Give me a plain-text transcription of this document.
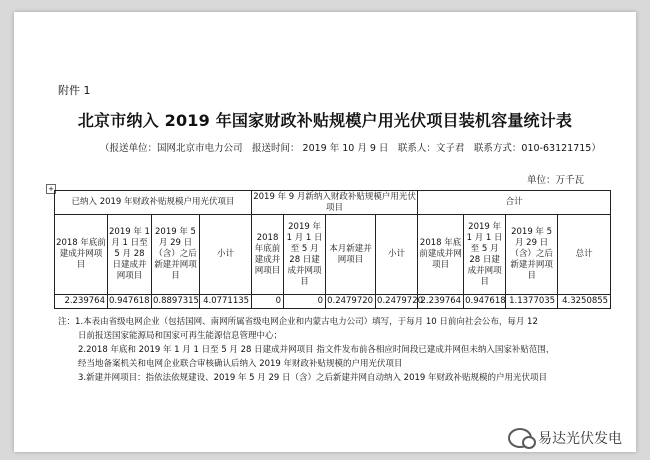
附件 1
北京市纳入 2019 年国家财政补贴规模户用光伏项目装机容量统计表
（报送单位：国网北京市电力公司　报送时间： 2019 年 10 月 9 日　联系人：文子君　联系方式：010-63121715）
单位：万千瓦
+
已纳入 2019 年财政补贴规模户用光伏项目				2019 年 9 月新纳入财政补贴规模户用光伏项目				合计			
2018 年底前建成并网项目	2019 年 1 月 1 日至 5 月 28 日建成并网项目	2019 年 5 月 29 日（含）之后新建并网项目	小计	2018 年底前建成并网项目	2019 年 1 月 1 日至 5 月 28 日建成并网项目	本月新建并网项目	小计	2018 年底前建成并网项目	2019 年 1 月 1 日至 5 月 28 日建成并网项目	2019 年 5 月 29 日（含）之后新建并网项目	总计
2.239764	0.947618	0.8897315	4.0771135	0	0	0.2479720	0.2479720	2.239764	0.947618	1.1377035	4.3250855
注：1.本表由省级电网企业（包括国网、南网所属省级电网企业和内蒙古电力公司）填写，于每月 10 日前向社会公布，每月 12
日前报送国家能源局和国家可再生能源信息管理中心；
2.2018 年底和 2019 年 1 月 1 日至 5 月 28 日建成并网项目 指文件发布前各相应时间段已建成并网但未纳入国家补贴范围，
经当地备案机关和电网企业联合审核确认后纳入 2019 年财政补贴规模的户用光伏项目
3.新建并网项目：指依法依规建设、2019 年 5 月 29 日（含）之后新建并网自动纳入 2019 年财政补贴规模的户用光伏项目
易达光伏发电
